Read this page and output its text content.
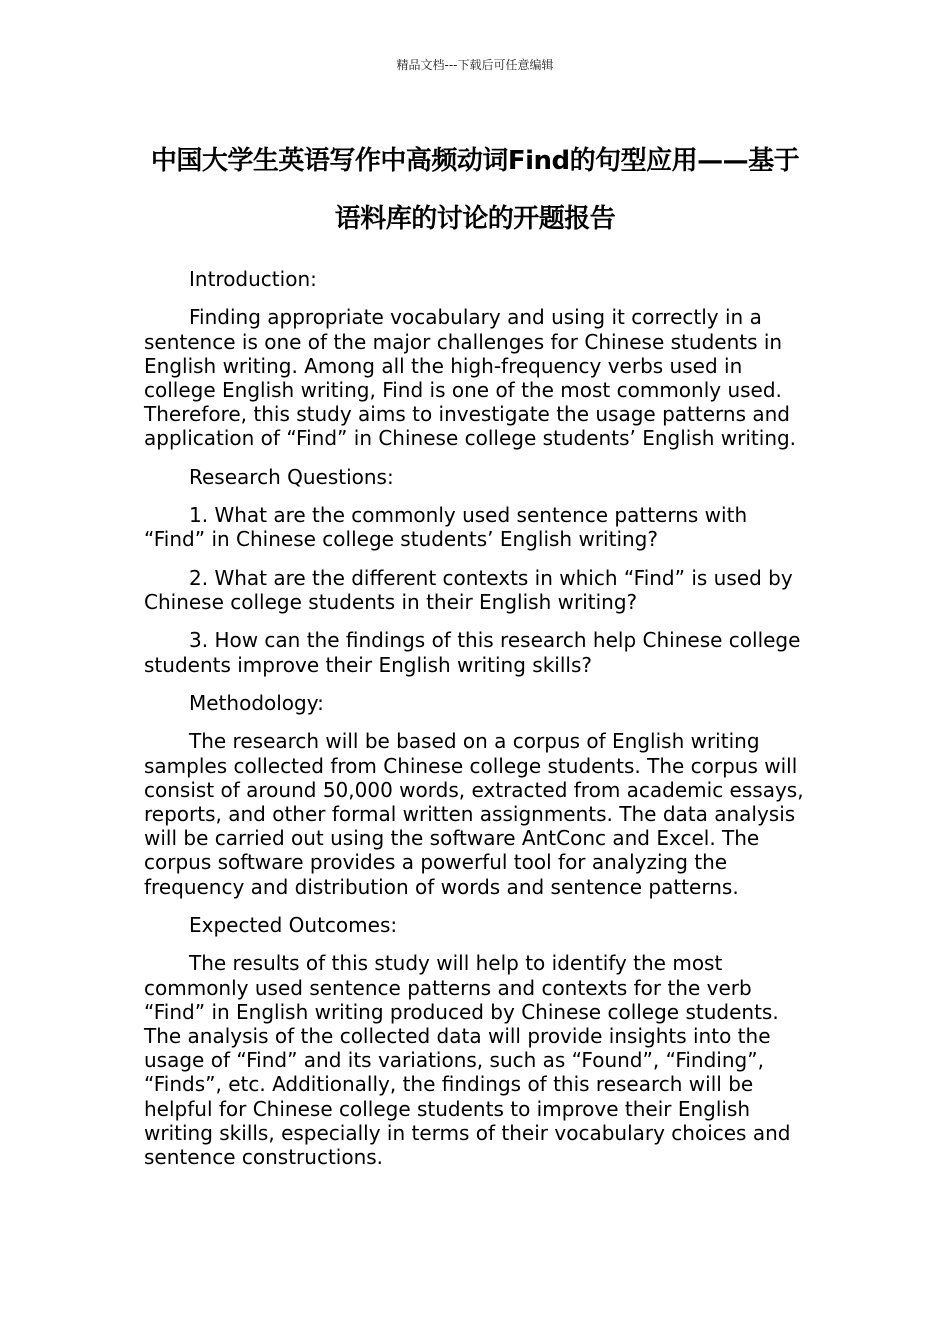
精品文档---下载后可任意编辑
中国大学生英语写作中高频动词Find的句型应用——基于语料库的讨论的开题报告

Introduction:

Finding appropriate vocabulary and using it correctly in a sentence is one of the major challenges for Chinese students in English writing. Among all the high-frequency verbs used in college English writing, Find is one of the most commonly used. Therefore, this study aims to investigate the usage patterns and application of “Find” in Chinese college students’ English writing.

Research Questions:

1. What are the commonly used sentence patterns with “Find” in Chinese college students’ English writing?

2. What are the different contexts in which “Find” is used by Chinese college students in their English writing?

3. How can the findings of this research help Chinese college students improve their English writing skills?

Methodology:

The research will be based on a corpus of English writing samples collected from Chinese college students. The corpus will consist of around 50,000 words, extracted from academic essays, reports, and other formal written assignments. The data analysis will be carried out using the software AntConc and Excel. The corpus software provides a powerful tool for analyzing the frequency and distribution of words and sentence patterns.

Expected Outcomes:

The results of this study will help to identify the most commonly used sentence patterns and contexts for the verb “Find” in English writing produced by Chinese college students. The analysis of the collected data will provide insights into the usage of “Find” and its variations, such as “Found”, “Finding”, “Finds”, etc. Additionally, the findings of this research will be helpful for Chinese college students to improve their English writing skills, especially in terms of their vocabulary choices and sentence constructions.
